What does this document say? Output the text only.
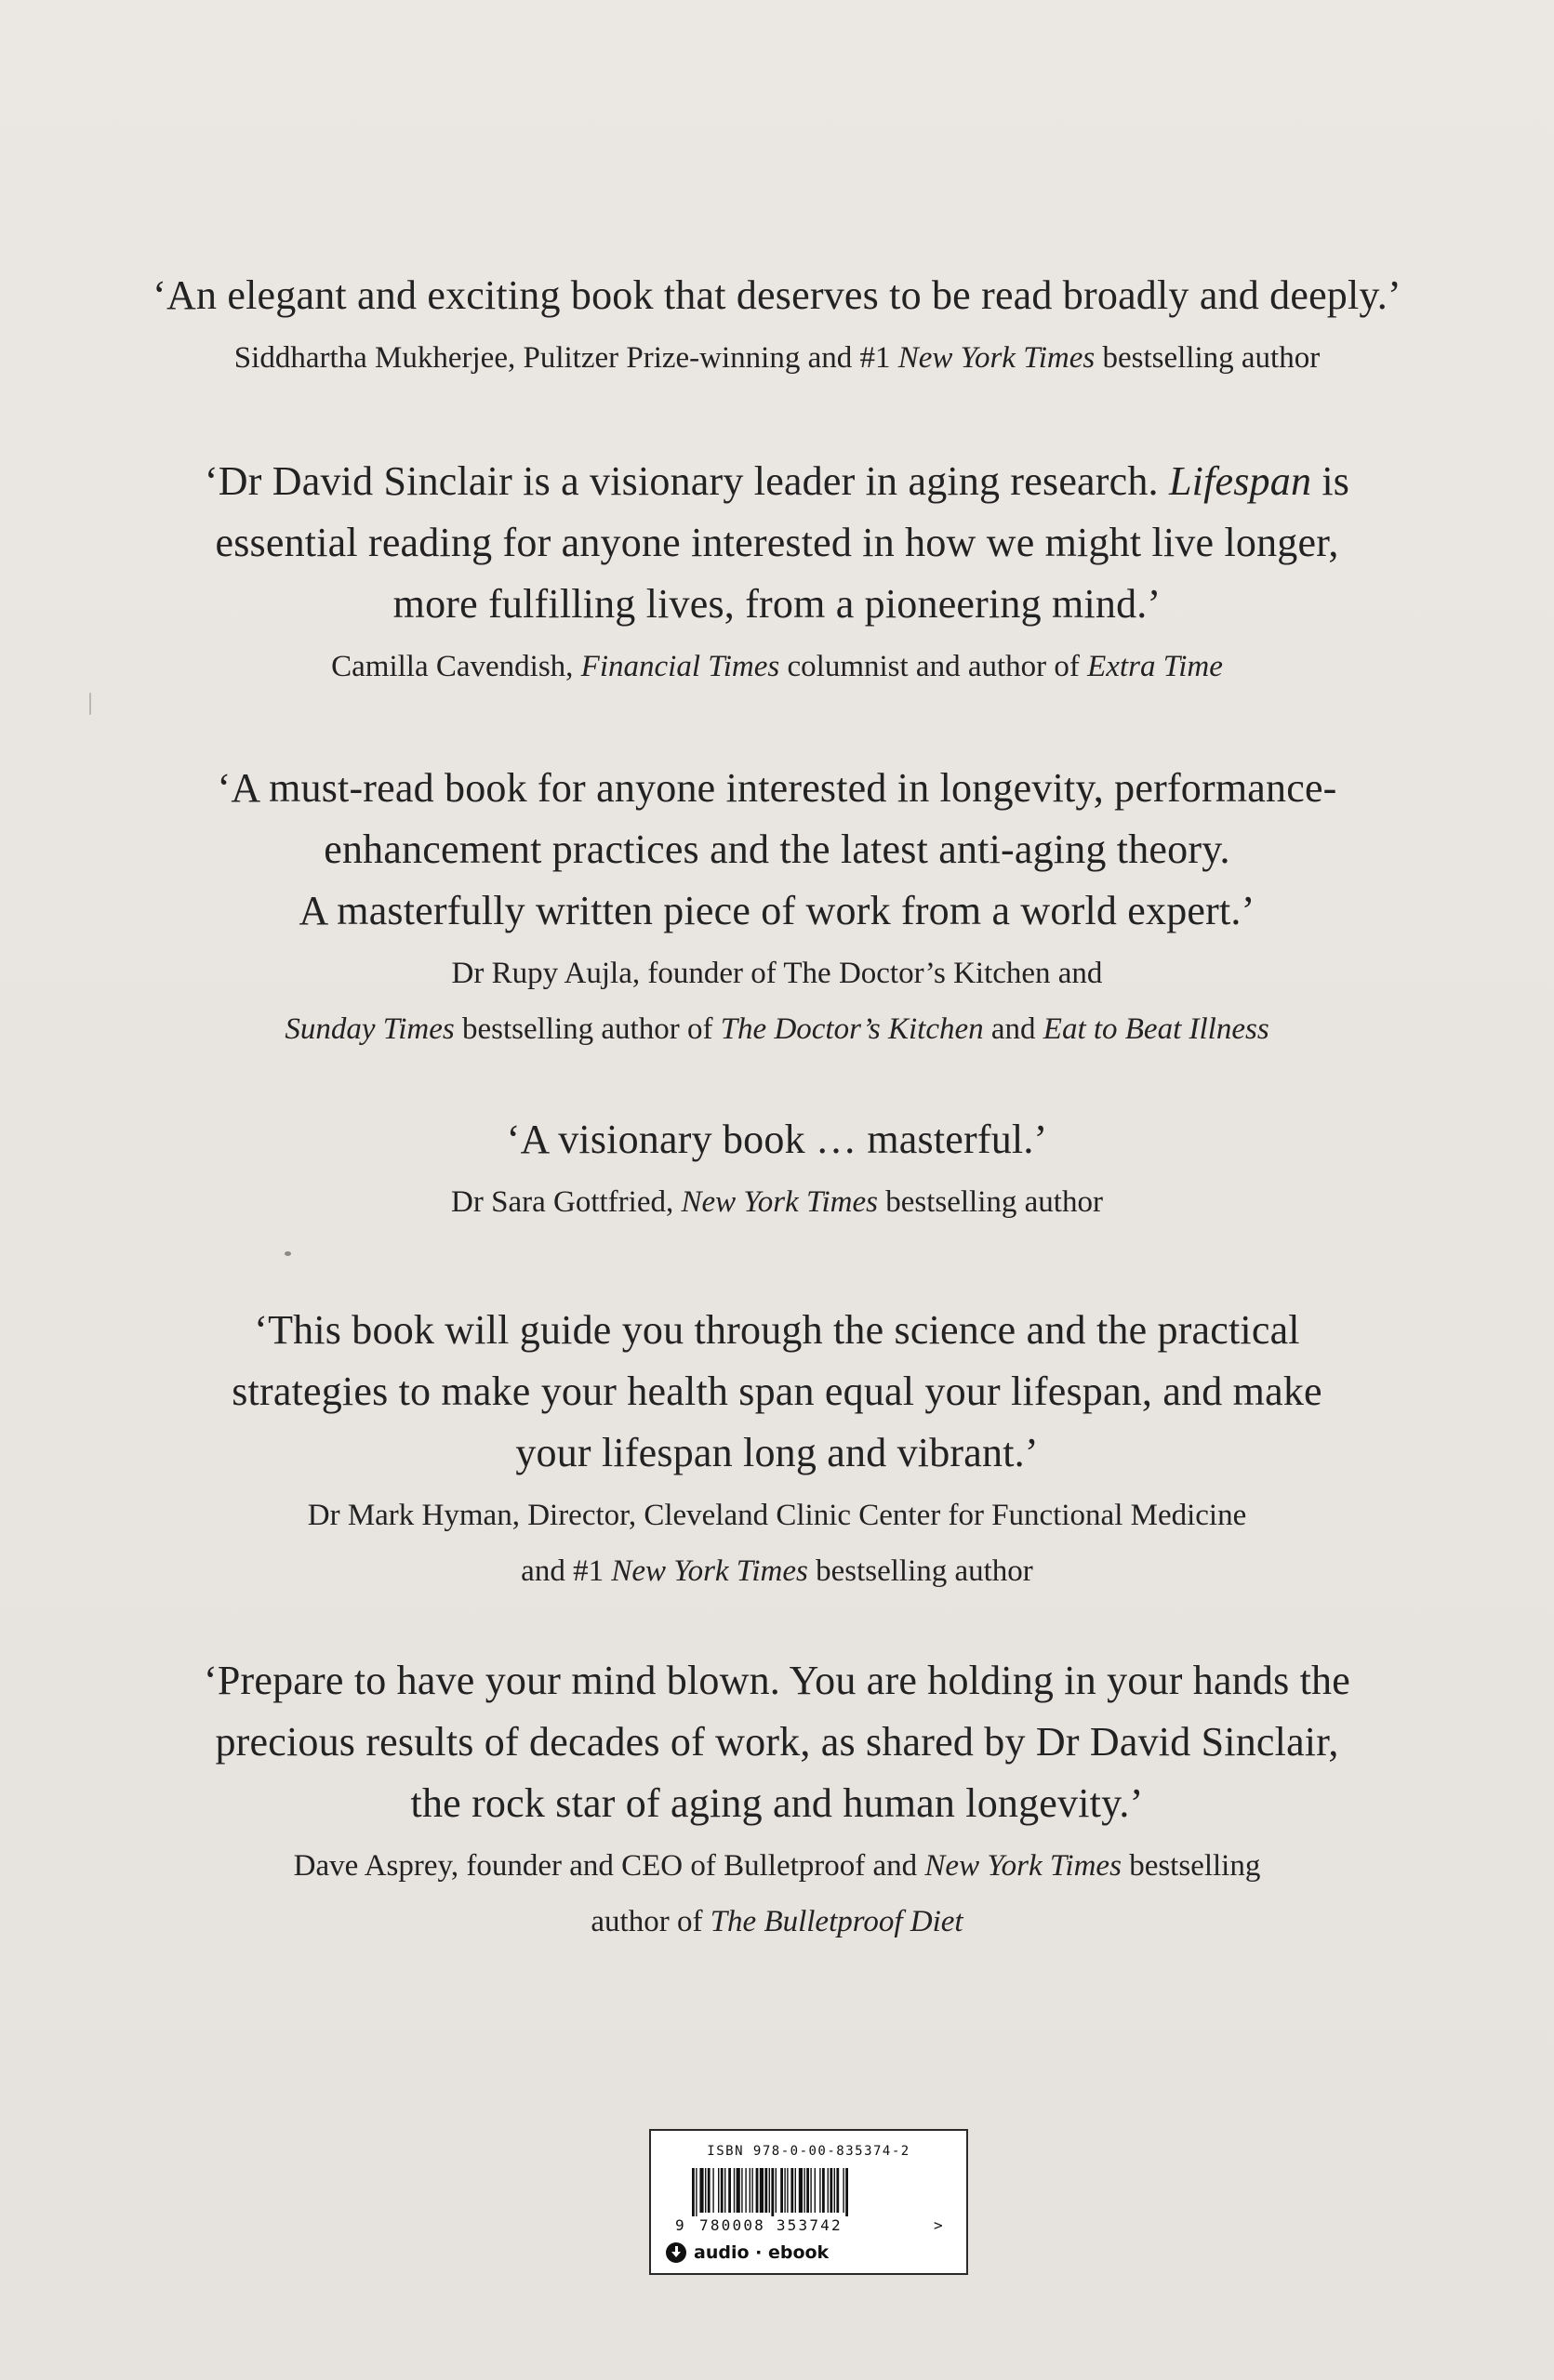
‘An elegant and exciting book that deserves to be read broadly and deeply.’
Siddhartha Mukherjee, Pulitzer Prize-winning and #1 New York Times bestselling author
‘Dr David Sinclair is a visionary leader in aging research. Lifespan is
essential reading for anyone interested in how we might live longer,
more fulfilling lives, from a pioneering mind.’
Camilla Cavendish, Financial Times columnist and author of Extra Time
‘A must-read book for anyone interested in longevity, performance-
enhancement practices and the latest anti-aging theory.
A masterfully written piece of work from a world expert.’
Dr Rupy Aujla, founder of The Doctor’s Kitchen and
Sunday Times bestselling author of The Doctor’s Kitchen and Eat to Beat Illness
‘A visionary book … masterful.’
Dr Sara Gottfried, New York Times bestselling author
‘This book will guide you through the science and the practical
strategies to make your health span equal your lifespan, and make
your lifespan long and vibrant.’
Dr Mark Hyman, Director, Cleveland Clinic Center for Functional Medicine
and #1 New York Times bestselling author
‘Prepare to have your mind blown. You are holding in your hands the
precious results of decades of work, as shared by Dr David Sinclair,
the rock star of aging and human longevity.’
Dave Asprey, founder and CEO of Bulletproof and New York Times bestselling
author of The Bulletproof Diet
ISBN 978-0-00-835374-2
9 780008 353742	>
audio · ebook
